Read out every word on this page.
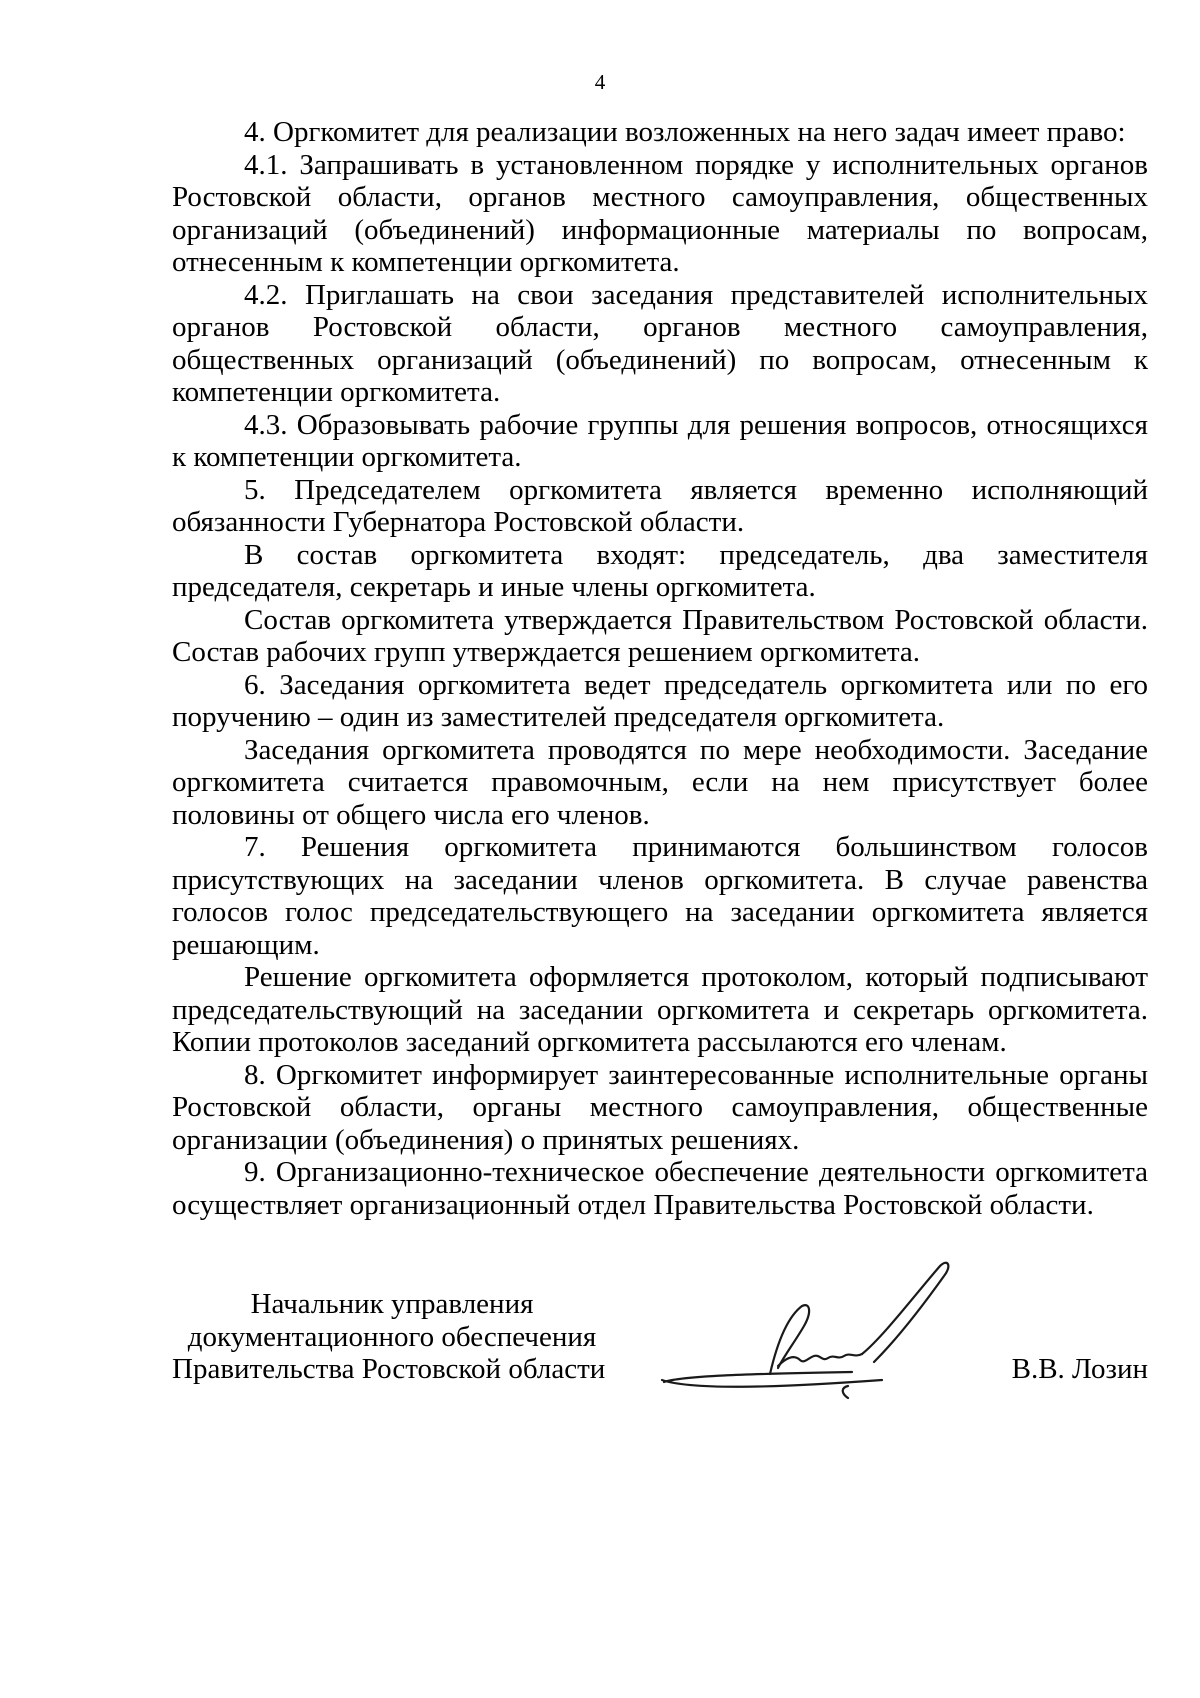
4

4. Оргкомитет для реализации возложенных на него задач имеет право:

4.1. Запрашивать в установленном порядке у исполнительных органов Ростовской области, органов местного самоуправления, общественных организаций (объединений) информационные материалы по вопросам, отнесенным к компетенции оргкомитета.

4.2. Приглашать на свои заседания представителей исполнительных органов Ростовской области, органов местного самоуправления, общественных организаций (объединений) по вопросам, отнесенным к компетенции оргкомитета.

4.3. Образовывать рабочие группы для решения вопросов, относящихся к компетенции оргкомитета.

5. Председателем оргкомитета является временно исполняющий обязанности Губернатора Ростовской области.

В состав оргкомитета входят: председатель, два заместителя председателя, секретарь и иные члены оргкомитета.

Состав оргкомитета утверждается Правительством Ростовской области. Состав рабочих групп утверждается решением оргкомитета.

6. Заседания оргкомитета ведет председатель оргкомитета или по его поручению – один из заместителей председателя оргкомитета.

Заседания оргкомитета проводятся по мере необходимости. Заседание оргкомитета считается правомочным, если на нем присутствует более половины от общего числа его членов.

7. Решения оргкомитета принимаются большинством голосов присутствующих на заседании членов оргкомитета. В случае равенства голосов голос председательствующего на заседании оргкомитета является решающим.

Решение оргкомитета оформляется протоколом, который подписывают председательствующий на заседании оргкомитета и секретарь оргкомитета. Копии протоколов заседаний оргкомитета рассылаются его членам.

8. Оргкомитет информирует заинтересованные исполнительные органы Ростовской области, органы местного самоуправления, общественные организации (объединения) о принятых решениях.

9. Организационно-техническое обеспечение деятельности оргкомитета осуществляет организационный отдел Правительства Ростовской области.

Начальник управления
документационного обеспечения
Правительства Ростовской области	В.В. Лозин
